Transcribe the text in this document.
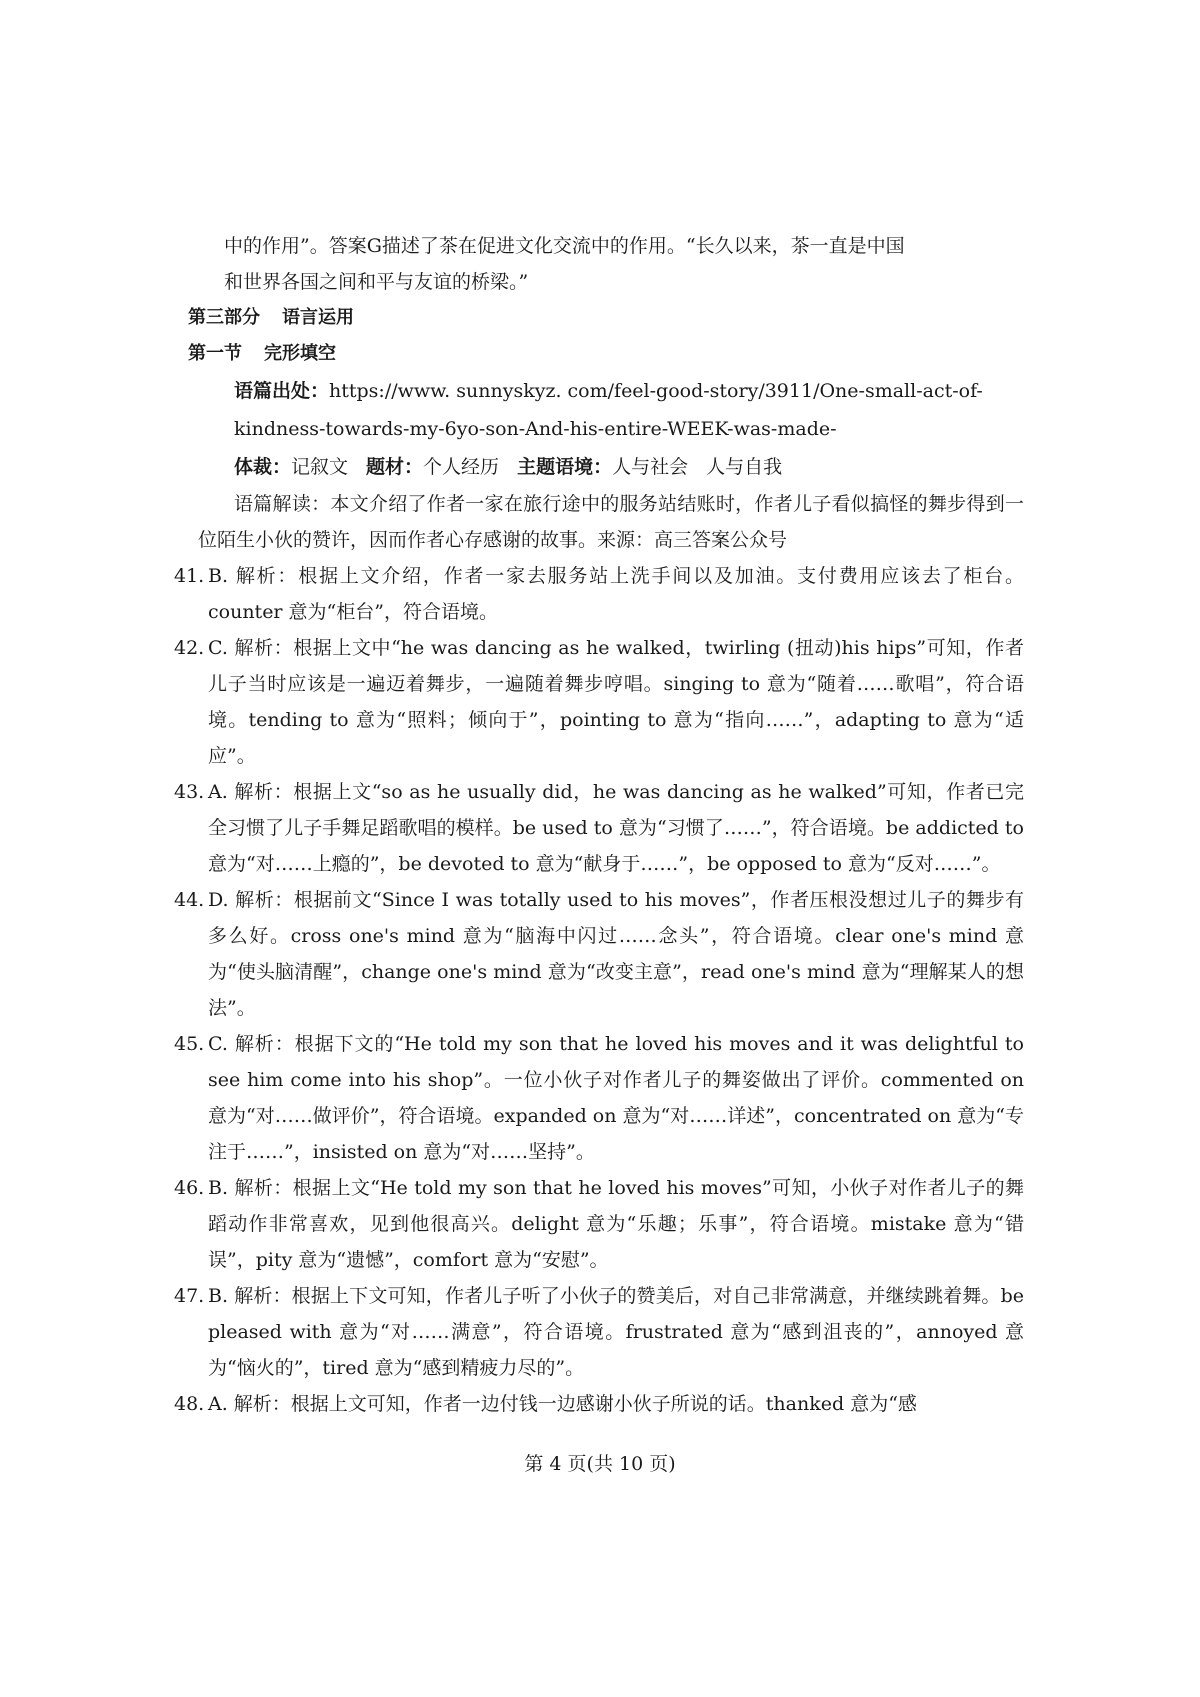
中的作用”。答案G描述了茶在促进文化交流中的作用。“长久以来，茶一直是中国

和世界各国之间和平与友谊的桥梁。”

第三部分 语言运用

第一节 完形填空

语篇出处：https://www. sunnyskyz. com/feel-good-story/3911/One-small-act-of-

kindness-towards-my-6yo-son-And-his-entire-WEEK-was-made-

体裁：记叙文 题材：个人经历 主题语境：人与社会 人与自我

语篇解读：本文介绍了作者一家在旅行途中的服务站结账时，作者儿子看似搞怪的舞步得到一位陌生小伙的赞许，因而作者心存感谢的故事。来源：高三答案公众号

41. B. 解析：根据上文介绍，作者一家去服务站上洗手间以及加油。支付费用应该去了柜台。counter 意为“柜台”，符合语境。
42. C. 解析：根据上文中“he was dancing as he walked，twirling (扭动)his hips”可知，作者儿子当时应该是一遍迈着舞步，一遍随着舞步哼唱。singing to 意为“随着……歌唱”，符合语境。tending to 意为“照料；倾向于”，pointing to 意为“指向……”，adapting to 意为“适应”。
43. A. 解析：根据上文“so as he usually did，he was dancing as he walked”可知，作者已完全习惯了儿子手舞足蹈歌唱的模样。be used to 意为“习惯了……”，符合语境。be addicted to 意为“对……上瘾的”，be devoted to 意为“献身于……”，be opposed to 意为“反对……”。
44. D. 解析：根据前文“Since I was totally used to his moves”，作者压根没想过儿子的舞步有多么好。cross one's mind 意为“脑海中闪过……念头”，符合语境。clear one's mind 意为“使头脑清醒”，change one's mind 意为“改变主意”，read one's mind 意为“理解某人的想法”。
45. C. 解析：根据下文的“He told my son that he loved his moves and it was delightful to see him come into his shop”。一位小伙子对作者儿子的舞姿做出了评价。commented on 意为“对……做评价”，符合语境。expanded on 意为“对……详述”，concentrated on 意为“专注于……”，insisted on 意为“对……坚持”。
46. B. 解析：根据上文“He told my son that he loved his moves”可知，小伙子对作者儿子的舞蹈动作非常喜欢，见到他很高兴。delight 意为“乐趣；乐事”，符合语境。mistake 意为“错误”，pity 意为“遗憾”，comfort 意为“安慰”。
47. B. 解析：根据上下文可知，作者儿子听了小伙子的赞美后，对自己非常满意，并继续跳着舞。be pleased with 意为“对……满意”，符合语境。frustrated 意为“感到沮丧的”，annoyed 意为“恼火的”，tired 意为“感到精疲力尽的”。
48. A. 解析：根据上文可知，作者一边付钱一边感谢小伙子所说的话。thanked 意为“感
第 4 页(共 10 页)
